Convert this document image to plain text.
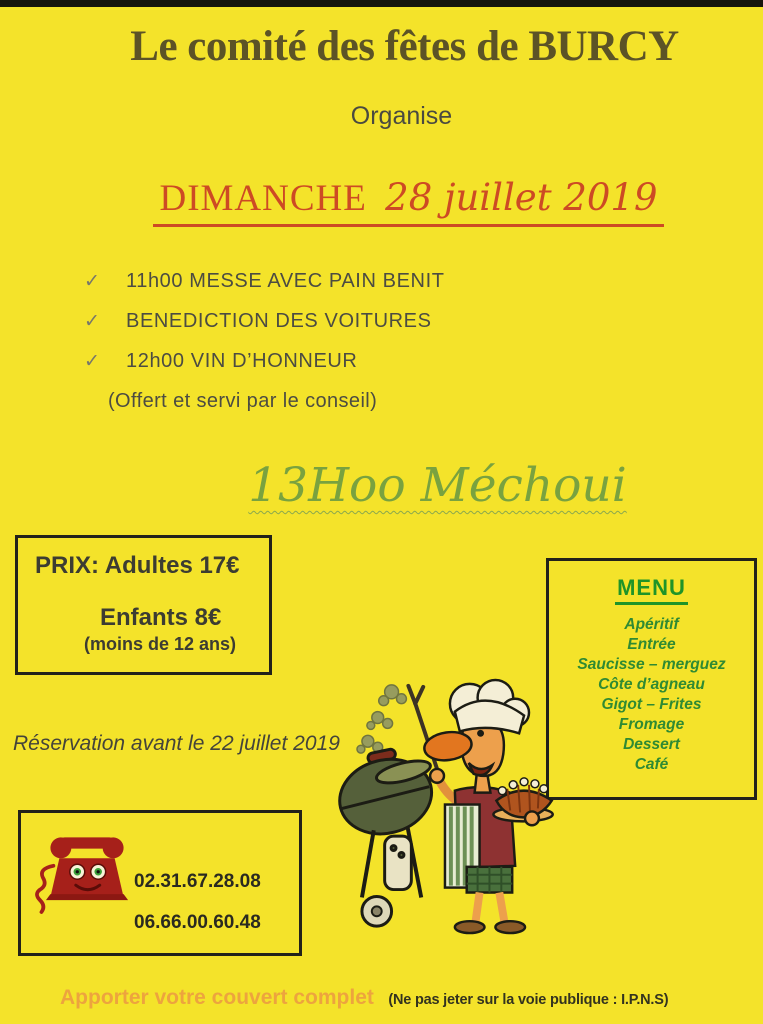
Le comité des fêtes de BURCY
Organise
DIMANCHE 28 juillet 2019
✓	11h00 MESSE AVEC PAIN BENIT
✓	BENEDICTION DES VOITURES
✓	12h00 VIN D’HONNEUR
(Offert et servi par le conseil)
13Hoo Méchoui
PRIX: Adultes 17€
Enfants 8€
(moins de 12 ans)
MENU
Apéritif
Entrée
Saucisse – merguez
Côte d’agneau
Gigot – Frites
Fromage
Dessert
Café
Réservation avant le 22 juillet 2019
02.31.67.28.08
06.66.00.60.48
Apporter votre couvert complet (Ne pas jeter sur la voie publique : I.P.N.S)
